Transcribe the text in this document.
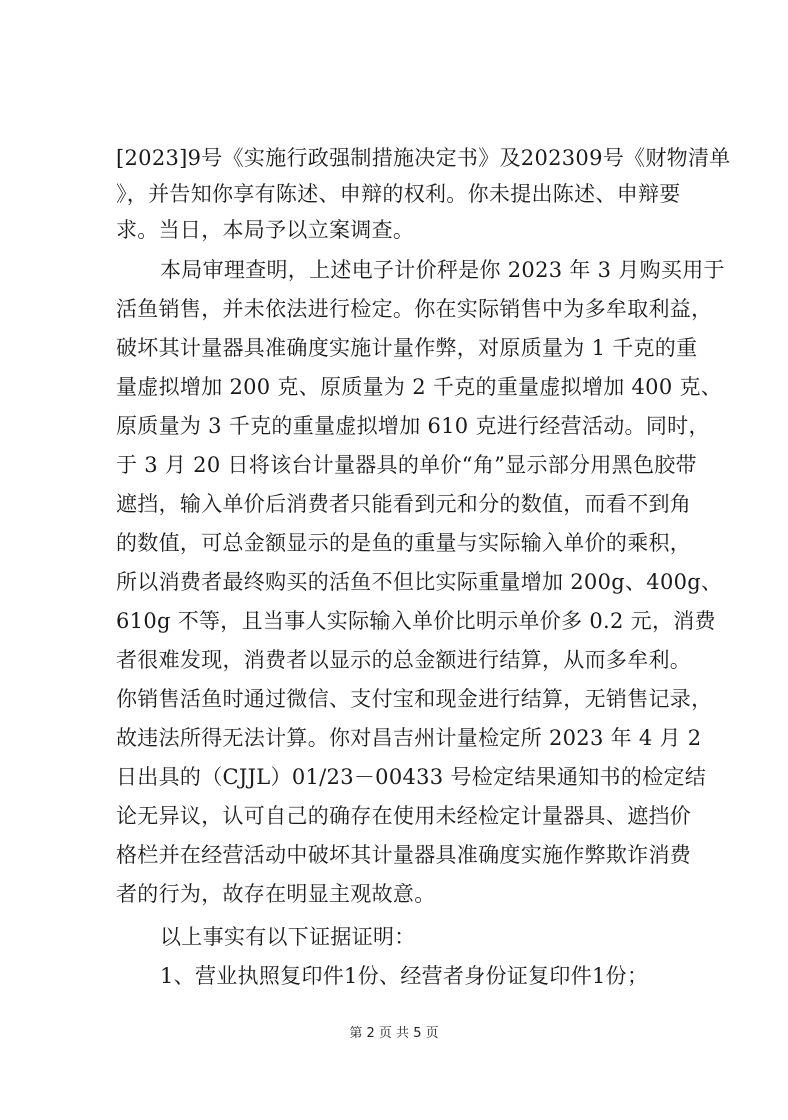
[2023]9号《实施行政强制措施决定书》及202309号《财物清单
》，并告知你享有陈述、申辩的权利。你未提出陈述、申辩要
求。当日，本局予以立案调查。
本局审理查明，上述电子计价秤是你 2023 年 3 月购买用于
活鱼销售，并未依法进行检定。你在实际销售中为多牟取利益，
破坏其计量器具准确度实施计量作弊，对原质量为 1 千克的重
量虚拟增加 200 克、原质量为 2 千克的重量虚拟增加 400 克、
原质量为 3 千克的重量虚拟增加 610 克进行经营活动。同时，
于 3 月 20 日将该台计量器具的单价“角”显示部分用黑色胶带
遮挡，输入单价后消费者只能看到元和分的数值，而看不到角
的数值，可总金额显示的是鱼的重量与实际输入单价的乘积，
所以消费者最终购买的活鱼不但比实际重量增加 200g、400g、
610g 不等，且当事人实际输入单价比明示单价多 0.2 元，消费
者很难发现，消费者以显示的总金额进行结算，从而多牟利。
你销售活鱼时通过微信、支付宝和现金进行结算，无销售记录，
故违法所得无法计算。你对昌吉州计量检定所 2023 年 4 月 2
日出具的（CJJL）01/23－00433 号检定结果通知书的检定结
论无异议，认可自己的确存在使用未经检定计量器具、遮挡价
格栏并在经营活动中破坏其计量器具准确度实施作弊欺诈消费
者的行为，故存在明显主观故意。
以上事实有以下证据证明：
1、营业执照复印件1份、经营者身份证复印件1份；
第 2 页 共 5 页
